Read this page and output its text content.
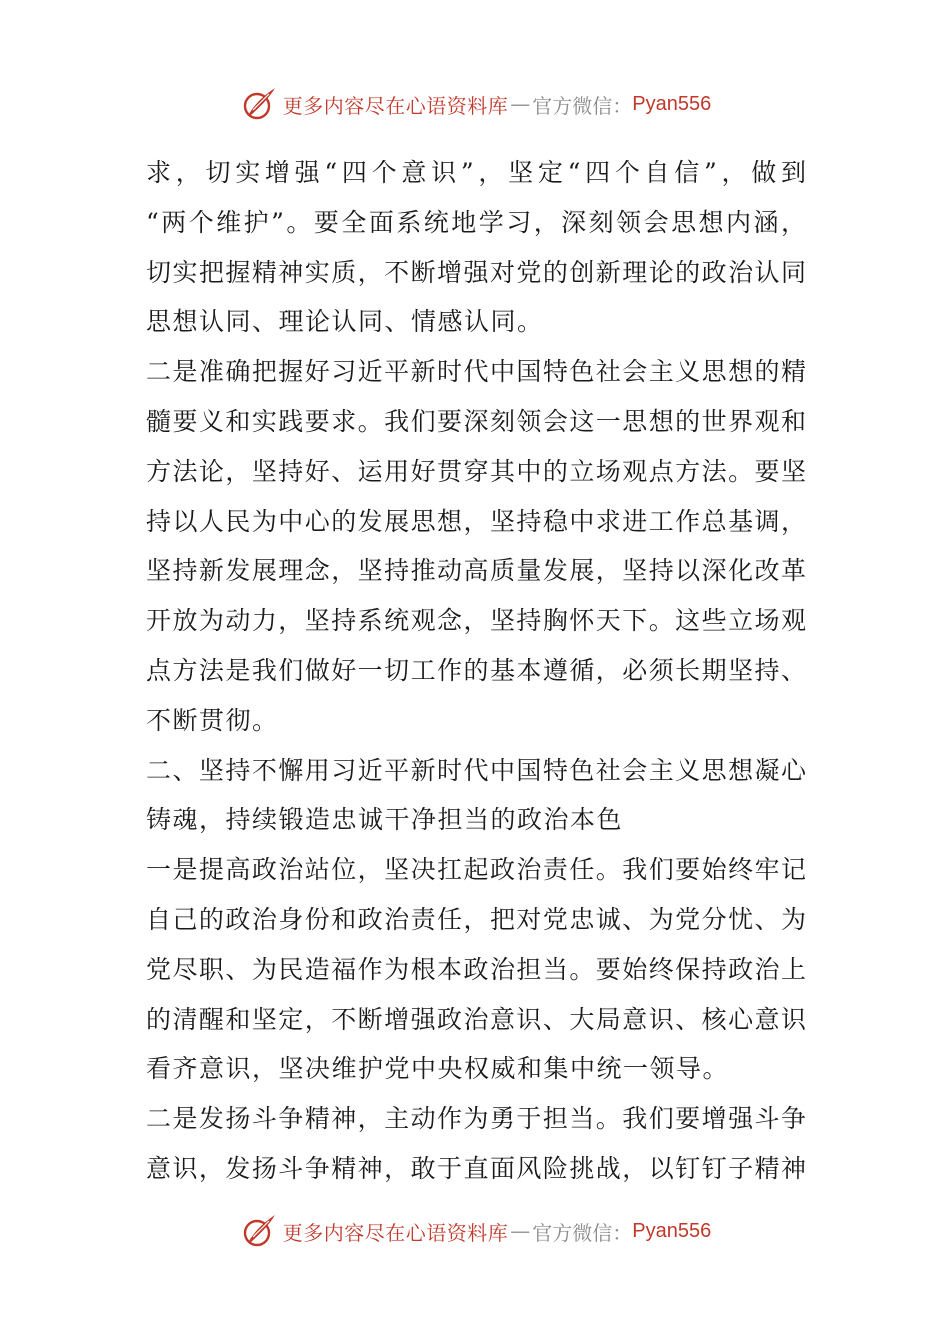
更多内容尽在心语资料库 — 官方微信： Pyan556
求，切实增强“四个意识”，坚定“四个自信”，做到
“两个维护”。要全面系统地学习，深刻领会思想内涵，
切实把握精神实质，不断增强对党的创新理论的政治认同
思想认同、理论认同、情感认同。
二是准确把握好习近平新时代中国特色社会主义思想的精
髓要义和实践要求。我们要深刻领会这一思想的世界观和
方法论，坚持好、运用好贯穿其中的立场观点方法。要坚
持以人民为中心的发展思想，坚持稳中求进工作总基调，
坚持新发展理念，坚持推动高质量发展，坚持以深化改革
开放为动力，坚持系统观念，坚持胸怀天下。这些立场观
点方法是我们做好一切工作的基本遵循，必须长期坚持、
不断贯彻。
二、坚持不懈用习近平新时代中国特色社会主义思想凝心
铸魂，持续锻造忠诚干净担当的政治本色
一是提高政治站位，坚决扛起政治责任。我们要始终牢记
自己的政治身份和政治责任，把对党忠诚、为党分忧、为
党尽职、为民造福作为根本政治担当。要始终保持政治上
的清醒和坚定，不断增强政治意识、大局意识、核心意识
看齐意识，坚决维护党中央权威和集中统一领导。
二是发扬斗争精神，主动作为勇于担当。我们要增强斗争
意识，发扬斗争精神，敢于直面风险挑战，以钉钉子精神
更多内容尽在心语资料库 — 官方微信： Pyan556
